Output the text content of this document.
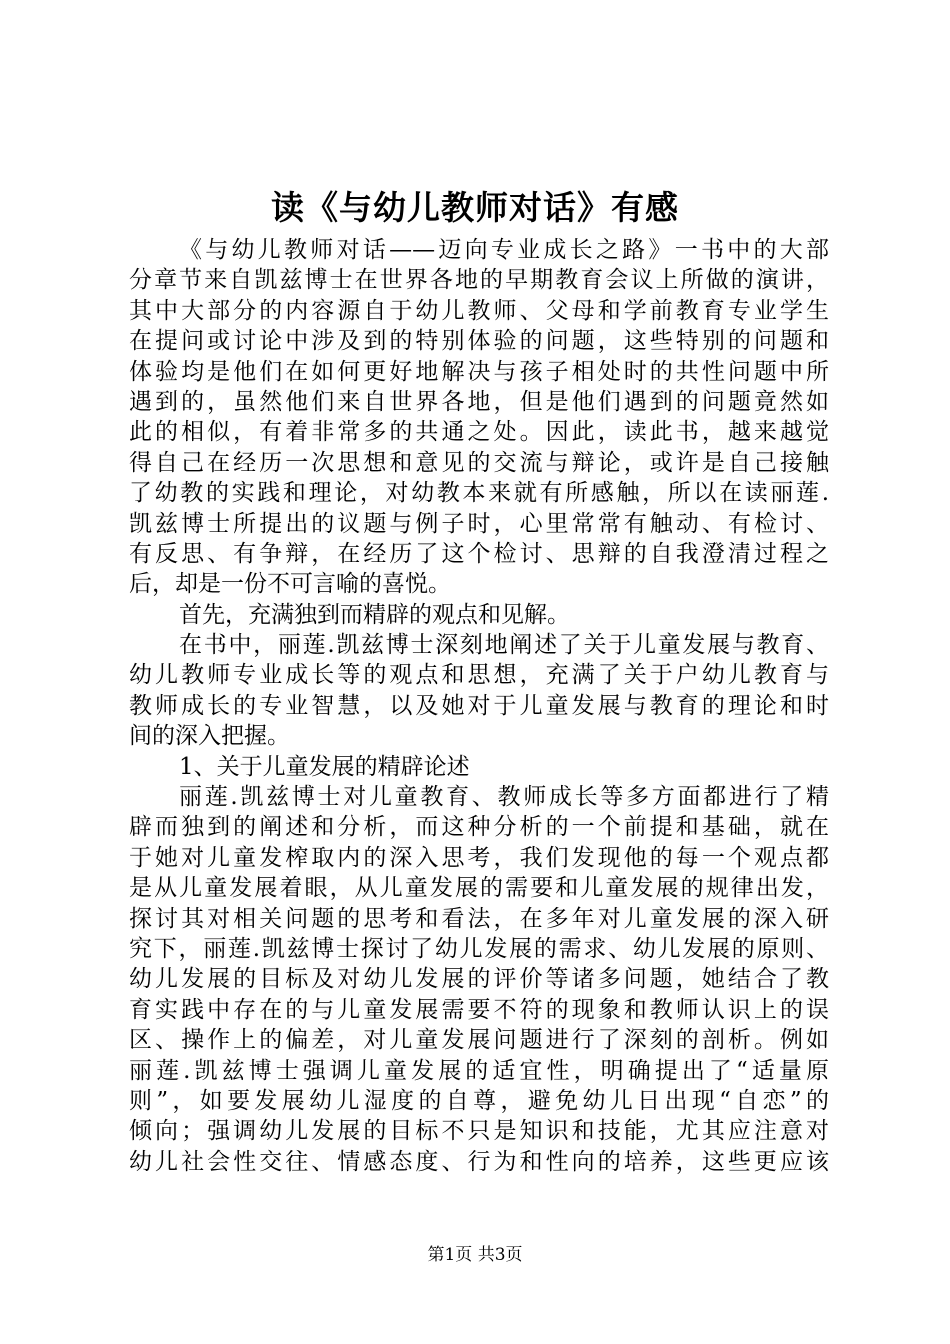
读《与幼儿教师对话》有感
《与幼儿教师对话——迈向专业成长之路》一书中的大部
分章节来自凯兹博士在世界各地的早期教育会议上所做的演讲，
其中大部分的内容源自于幼儿教师、父母和学前教育专业学生
在提问或讨论中涉及到的特别体验的问题，这些特别的问题和
体验均是他们在如何更好地解决与孩子相处时的共性问题中所
遇到的，虽然他们来自世界各地，但是他们遇到的问题竟然如
此的相似，有着非常多的共通之处。因此，读此书，越来越觉
得自己在经历一次思想和意见的交流与辩论，或许是自己接触
了幼教的实践和理论，对幼教本来就有所感触，所以在读丽莲.
凯兹博士所提出的议题与例子时，心里常常有触动、有检讨、
有反思、有争辩，在经历了这个检讨、思辩的自我澄清过程之
后，却是一份不可言喻的喜悦。
首先，充满独到而精辟的观点和见解。
在书中，丽莲.凯兹博士深刻地阐述了关于儿童发展与教育、
幼儿教师专业成长等的观点和思想，充满了关于户幼儿教育与
教师成长的专业智慧，以及她对于儿童发展与教育的理论和时
间的深入把握。
1、关于儿童发展的精辟论述
丽莲.凯兹博士对儿童教育、教师成长等多方面都进行了精
辟而独到的阐述和分析，而这种分析的一个前提和基础，就在
于她对儿童发榨取内的深入思考，我们发现他的每一个观点都
是从儿童发展着眼，从儿童发展的需要和儿童发展的规律出发，
探讨其对相关问题的思考和看法，在多年对儿童发展的深入研
究下，丽莲.凯兹博士探讨了幼儿发展的需求、幼儿发展的原则、
幼儿发展的目标及对幼儿发展的评价等诸多问题，她结合了教
育实践中存在的与儿童发展需要不符的现象和教师认识上的误
区、操作上的偏差，对儿童发展问题进行了深刻的剖析。例如
丽莲.凯兹博士强调儿童发展的适宜性，明确提出了“适量原
则”，如要发展幼儿湿度的自尊，避免幼儿日出现“自恋”的
倾向；强调幼儿发展的目标不只是知识和技能，尤其应注意对
幼儿社会性交往、情感态度、行为和性向的培养，这些更应该
第1页 共3页
